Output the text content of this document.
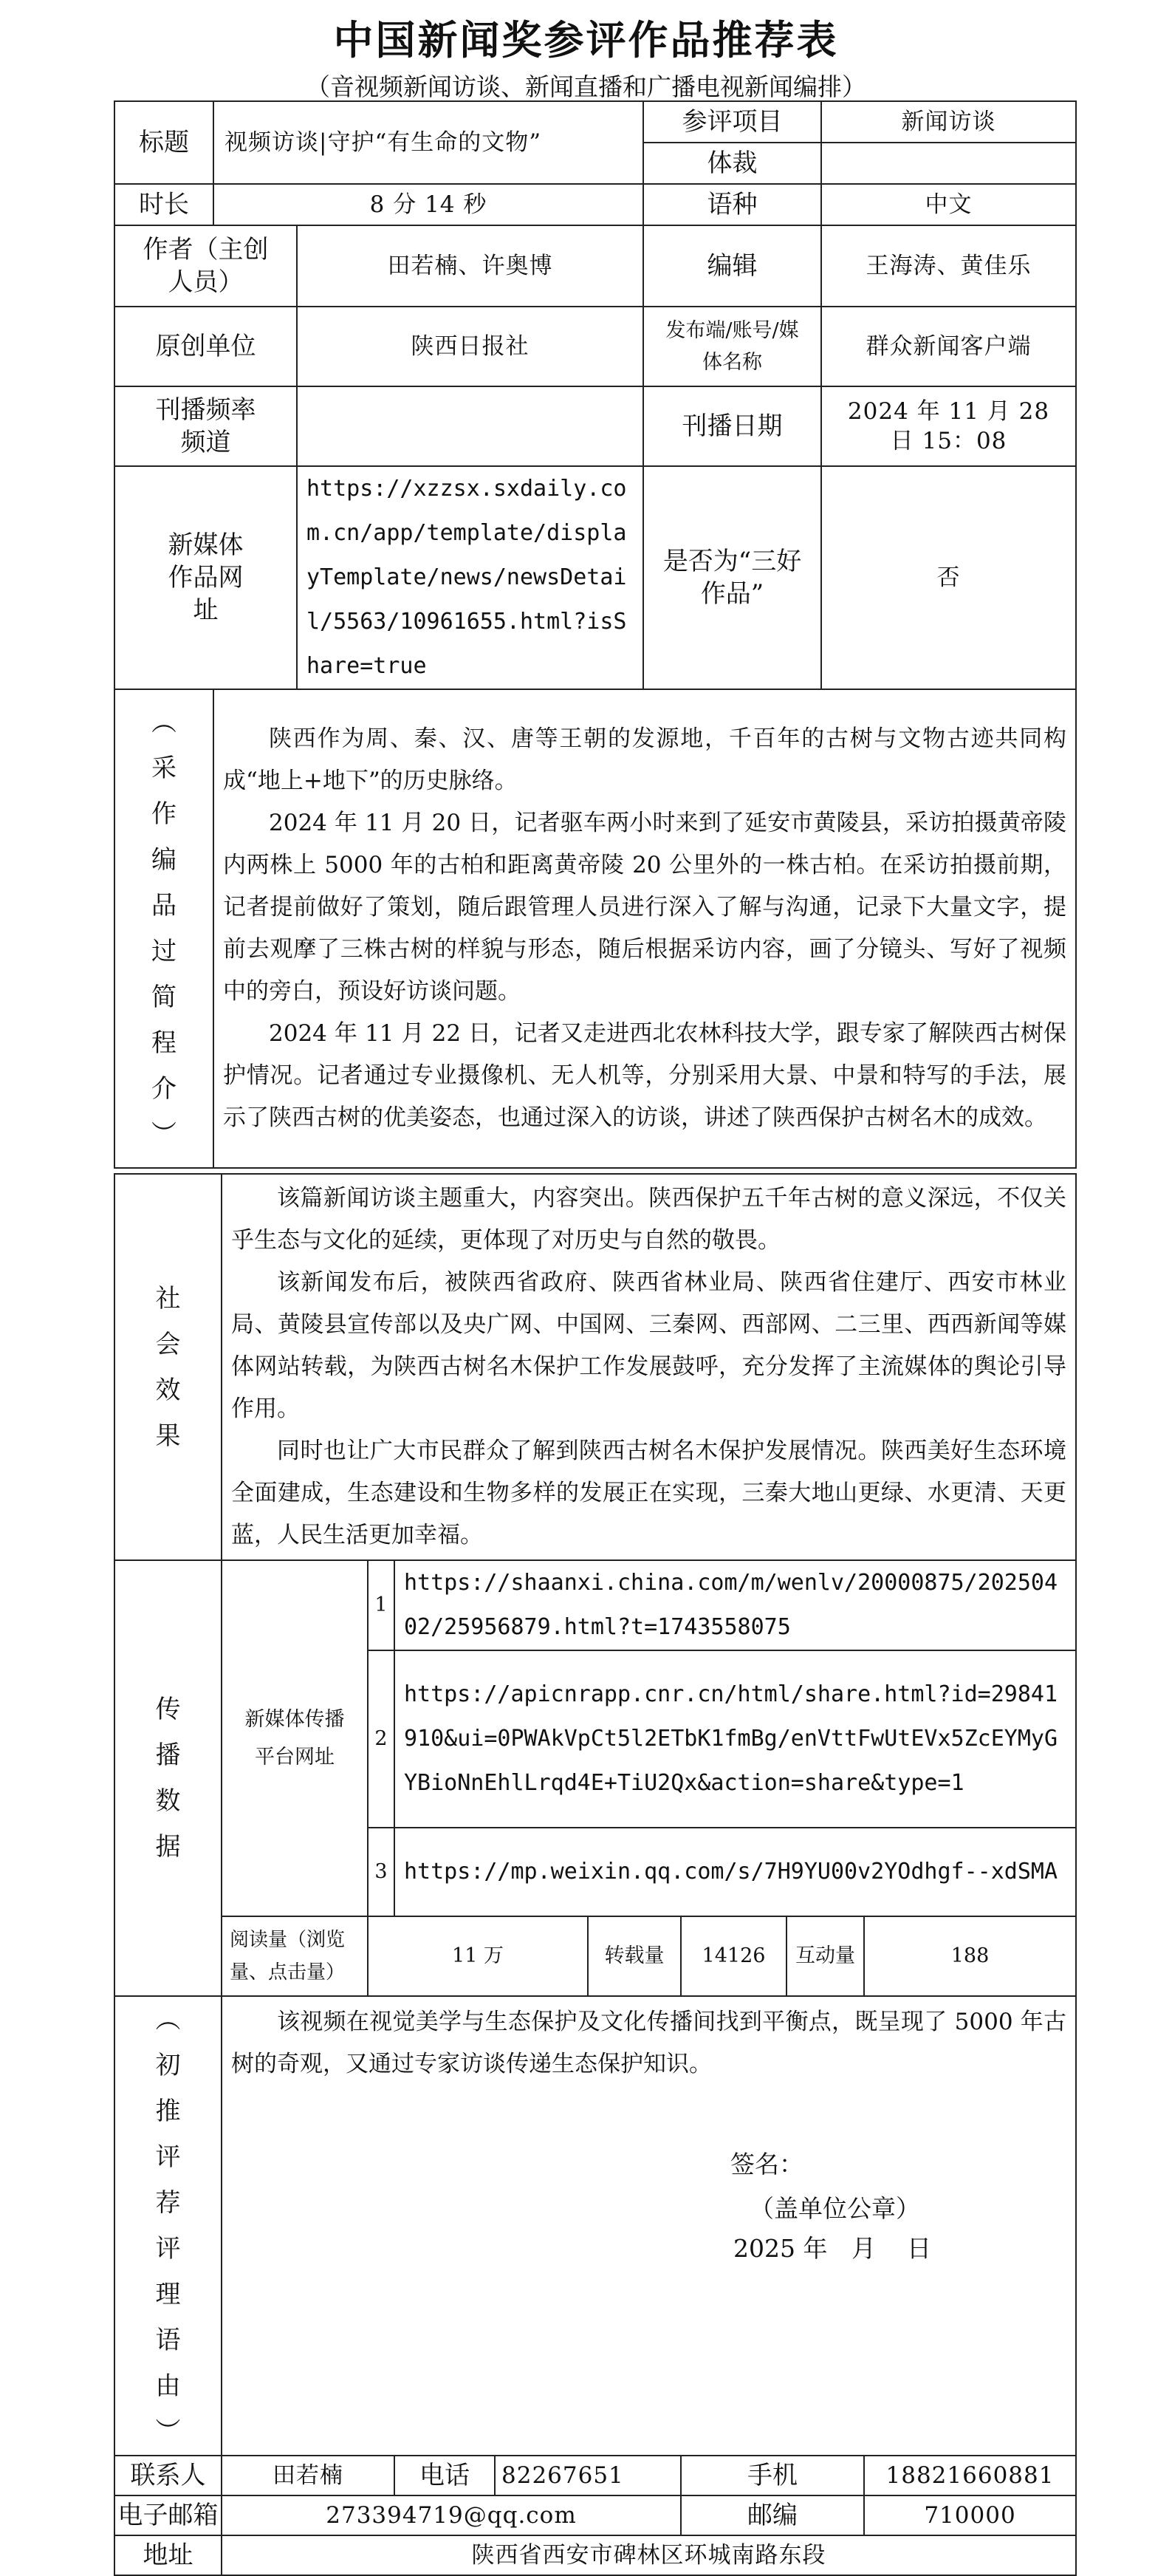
中国新闻奖参评作品推荐表
（音视频新闻访谈、新闻直播和广播电视新闻编排）
标题	视频访谈|守护“有生命的文物”		参评项目	新闻访谈
			体裁	
时长	8 分 14 秒		语种	中文
作者（主创人员）		田若楠、许奥博	编辑	王海涛、黄佳乐
原创单位		陕西日报社	发布端/账号/媒体名称	群众新闻客户端
刊播频率频道			刊播日期	2024 年 11 月 28 日 15：08
新媒体作品网址		https://xzzsx.sxdaily.com.cn/app/template/displayTemplate/news/newsDetail/5563/10961655.html?isShare=true	是否为“三好作品”	否
︵采作编品过简程介︶	陕西作为周、秦、汉、唐等王朝的发源地，千百年的古树与文物古迹共同构成“地上+地下”的历史脉络。

2024 年 11 月 20 日，记者驱车两小时来到了延安市黄陵县，采访拍摄黄帝陵内两株上 5000 年的古柏和距离黄帝陵 20 公里外的一株古柏。在采访拍摄前期，记者提前做好了策划，随后跟管理人员进行深入了解与沟通，记录下大量文字，提前去观摩了三株古树的样貌与形态，随后根据采访内容，画了分镜头、写好了视频中的旁白，预设好访谈问题。

2024 年 11 月 22 日，记者又走进西北农林科技大学，跟专家了解陕西古树保护情况。记者通过专业摄像机、无人机等，分别采用大景、中景和特写的手法，展示了陕西古树的优美姿态，也通过深入的访谈，讲述了陕西保护古树名木的成效。			

社会效果	该篇新闻访谈主题重大，内容突出。陕西保护五千年古树的意义深远，不仅关乎生态与文化的延续，更体现了对历史与自然的敬畏。

该新闻发布后，被陕西省政府、陕西省林业局、陕西省住建厅、西安市林业局、黄陵县宣传部以及央广网、中国网、三秦网、西部网、二三里、西西新闻等媒体网站转载，为陕西古树名木保护工作发展鼓呼，充分发挥了主流媒体的舆论引导作用。

同时也让广大市民群众了解到陕西古树名木保护发展情况。陕西美好生态环境全面建成，生态建设和生物多样的发展正在实现，三秦大地山更绿、水更清、天更蓝，人民生活更加幸福。							

传播数据	新媒体传播平台网址	1	https://shaanxi.china.com/m/wenlv/20000875/20250402/25956879.html?t=1743558075					
		2	https://apicnrapp.cnr.cn/html/share.html?id=29841910&ui=0PWAkVpCt5l2ETbK1fmBg/enVttFwUtEVx5ZcEYMyGYBioNnEhlLrqd4E+TiU2Qx&action=share&type=1					
		3	https://mp.weixin.qq.com/s/7H9YU00v2YOdhgf--xdSMA					
	阅读量（浏览量、点击量）	11 万			转载量	14126	互动量	188
︵初推评荐评理语由︶	该视频在视觉美学与生态保护及文化传播间找到平衡点，既呈现了 5000 年古树的奇观，又通过专家访谈传递生态保护知识。

签名：
（盖单位公章）
2025 年 月    日							

联系人	田若楠		电话	82267651		手机		18821660881
电子邮箱	273394719@qq.com					邮编		710000
地址	陕西省西安市碑林区环城南路东段							
